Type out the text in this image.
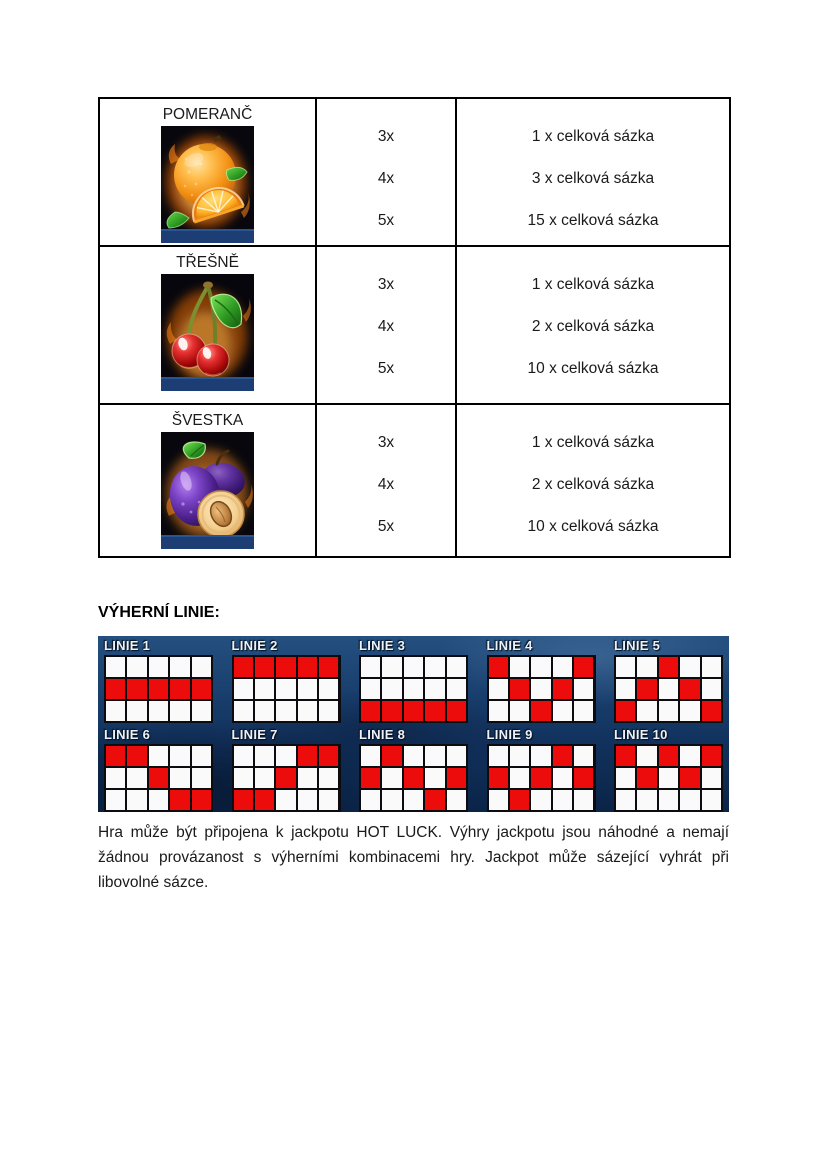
POMERANČ

3x
4x
5x

1 x celková sázka
3 x celková sázka
15 x celková sázka

TŘEŠNĚ

3x
4x
5x

1 x celková sázka
2 x celková sázka
10 x celková sázka

ŠVESTKA

3x
4x
5x

1 x celková sázka
2 x celková sázka
10 x celková sázka
VÝHERNÍ LINIE:
LINIE 1	LINIE 2	LINIE 3	LINIE 4	LINIE 5
LINIE 6	LINIE 7	LINIE 8	LINIE 9	LINIE 10
Hra může být připojena k jackpotu HOT LUCK. Výhry jackpotu jsou náhodné a nemají žádnou provázanost s výherními kombinacemi hry. Jackpot může sázející vyhrát při libovolné sázce.
